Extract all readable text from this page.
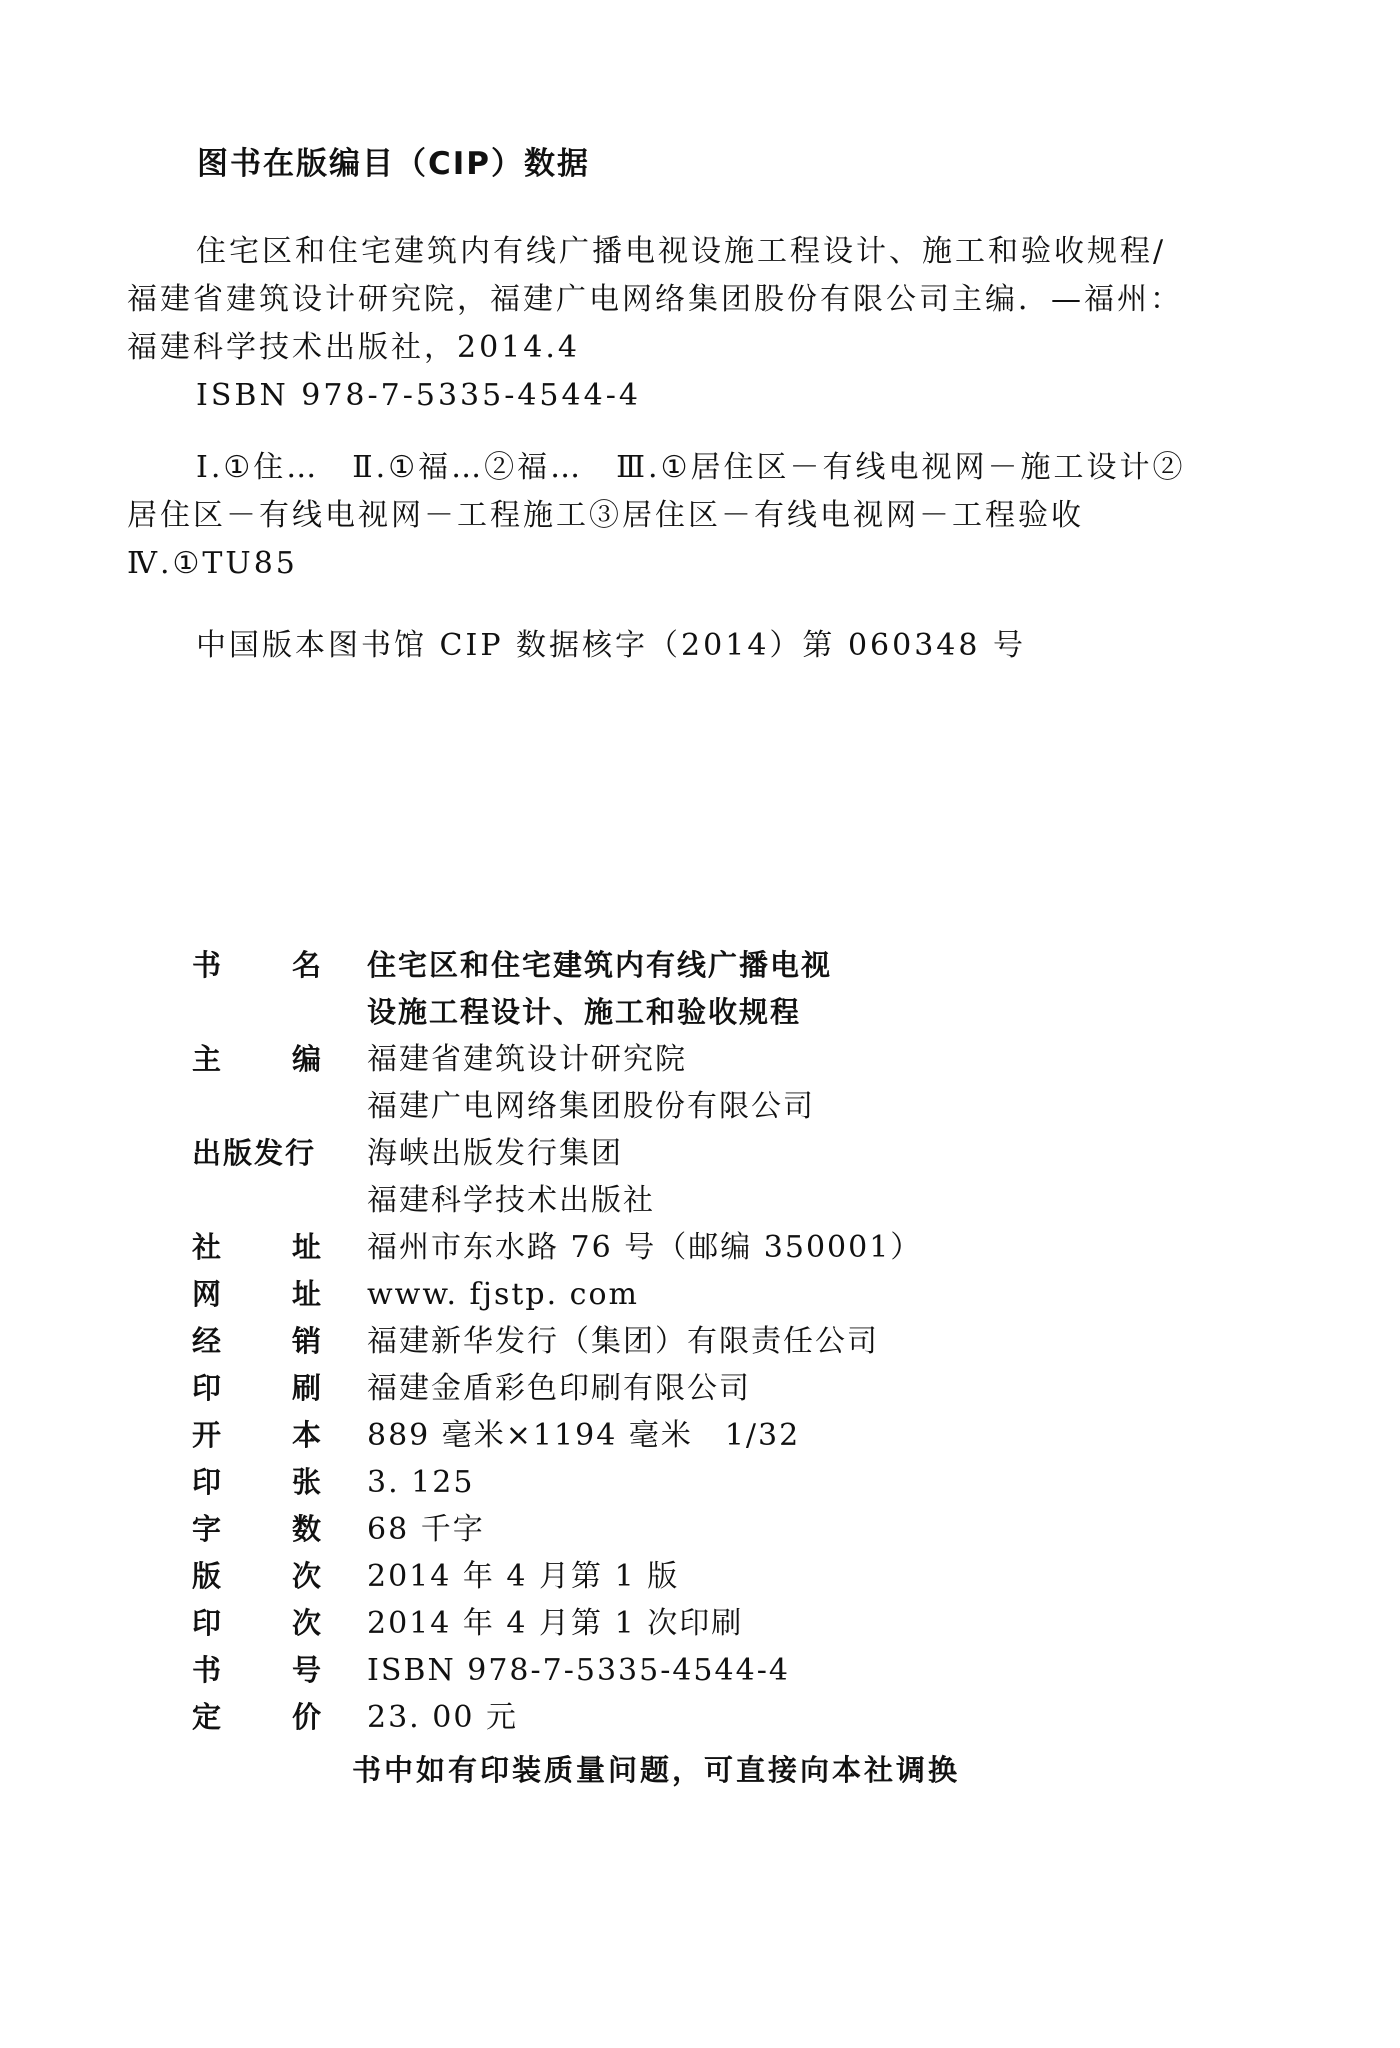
图书在版编目（CIP）数据

住宅区和住宅建筑内有线广播电视设施工程设计、施工和验收规程/福建省建筑设计研究院，福建广电网络集团股份有限公司主编．—福州：福建科学技术出版社，2014.4

ISBN 978-7-5335-4544-4

Ⅰ.①住…　Ⅱ.①福…②福…　Ⅲ.①居住区－有线电视网－施工设计②居住区－有线电视网－工程施工③居住区－有线电视网－工程验收　Ⅳ.①TU85

中国版本图书馆 CIP 数据核字（2014）第 060348 号

书 名 住宅区和住宅建筑内有线广播电视
设施工程设计、施工和验收规程
主 编 福建省建筑设计研究院
福建广电网络集团股份有限公司
出版发行	海峡出版发行集团
福建科学技术出版社
社 址	福州市东水路 76 号（邮编 350001）
网 址	www. fjstp. com
经 销	福建新华发行（集团）有限责任公司
印 刷	福建金盾彩色印刷有限公司
开 本	889 毫米×1194 毫米　1/32
印 张	3. 125
字 数	68 千字
版 次	2014 年 4 月第 1 版
印 次	2014 年 4 月第 1 次印刷
书 号	ISBN 978-7-5335-4544-4
定 价	23. 00 元
书中如有印装质量问题，可直接向本社调换
